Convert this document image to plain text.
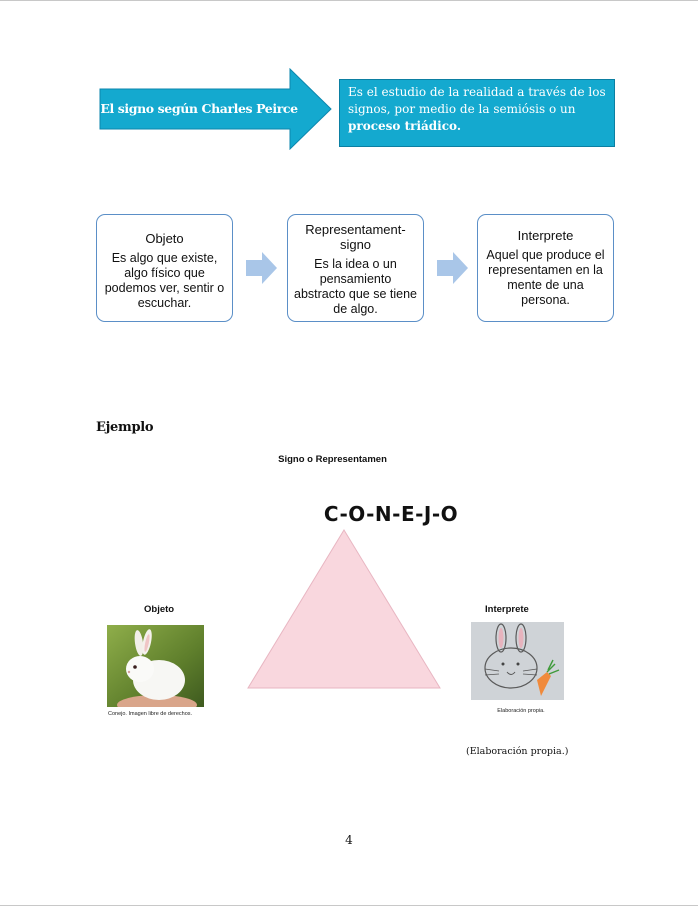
El signo según Charles Peirce
Es el estudio de la realidad a través de los signos, por medio de la semiósis o un proceso triádico.
Objeto
Es algo que existe, algo físico que podemos ver, sentir o escuchar.
Representament-signo
Es la idea o un pensamiento abstracto que se tiene de algo.
Interprete
Aquel que produce el representamen en la mente de una persona.
Ejemplo
Signo o Representamen
C-O-N-E-J-O
Objeto	Interprete
Conejo. Imagen libre de derechos.	Elaboración propia.
(Elaboración propia.)
4
